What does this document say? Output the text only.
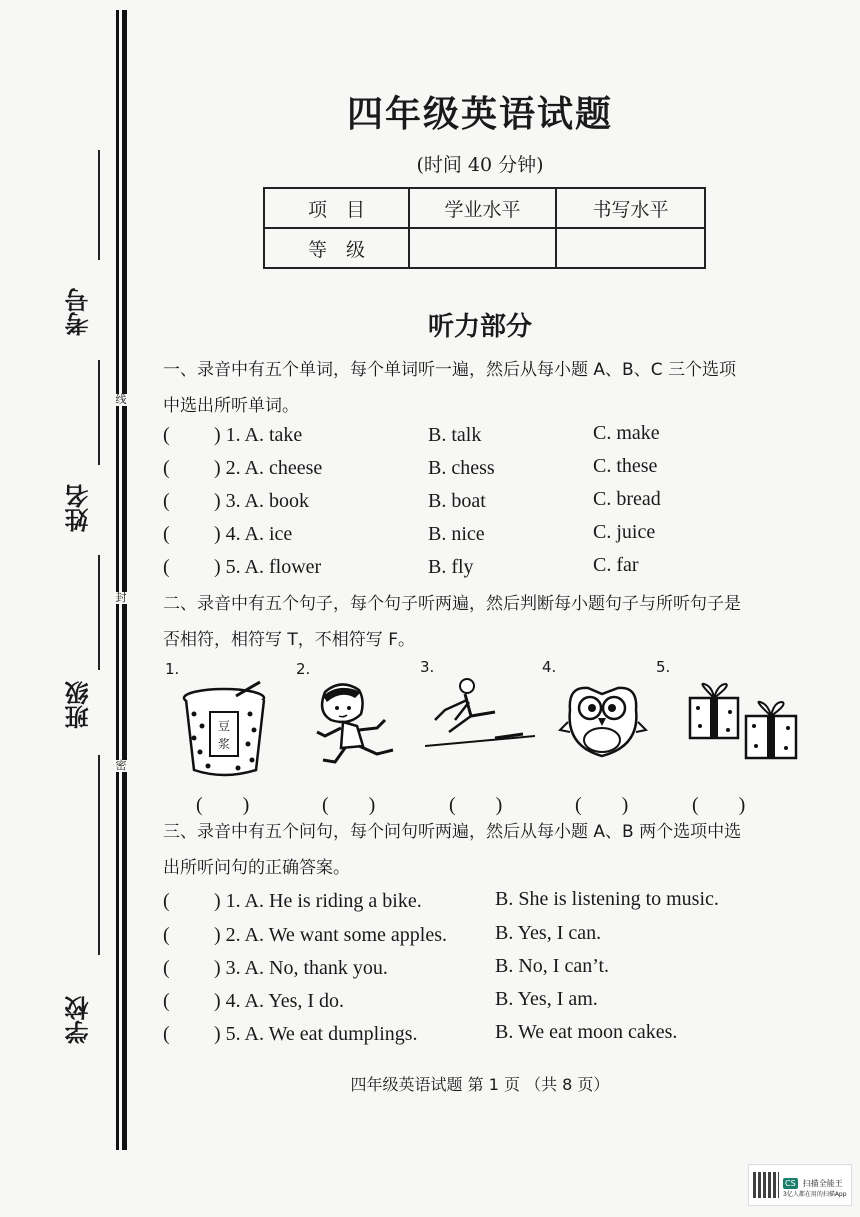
考号
姓名
班级
学校
线
封
密
四年级英语试题
(时间 40 分钟)
项　目	学业水平	书写水平
等　级		
听力部分
一、录音中有五个单词，每个单词听一遍，然后从每小题 A、B、C 三个选项
中选出所听单词。
( ) 1. A. take	B. talk	C. make
( ) 2. A. cheese	B. chess	C. these
( ) 3. A. book	B. boat	C. bread
( ) 4. A. ice	B. nice	C. juice
( ) 5. A. flower	B. fly	C. far
二、录音中有五个句子，每个句子听两遍，然后判断每小题句子与所听句子是
否相符，相符写 T，不相符写 F。
1.	2.	3.	4.	5.
豆
浆
(　　)	(　　)	(　　)	(　　)	(　　)
三、录音中有五个问句，每个问句听两遍，然后从每小题 A、B 两个选项中选
出所听问句的正确答案。
( ) 1. A. He is riding a bike.	B. She is listening to music.
( ) 2. A. We want some apples. B. Yes, I can.
( ) 3. A. No, thank you.	B. No, I can’t.
( ) 4. A. Yes, I do.	B. Yes, I am.
( ) 5. A. We eat dumplings.	B. We eat moon cakes.
四年级英语试题 第 1 页 （共 8 页）
CS 扫描全能王
3亿人都在用的扫描App
